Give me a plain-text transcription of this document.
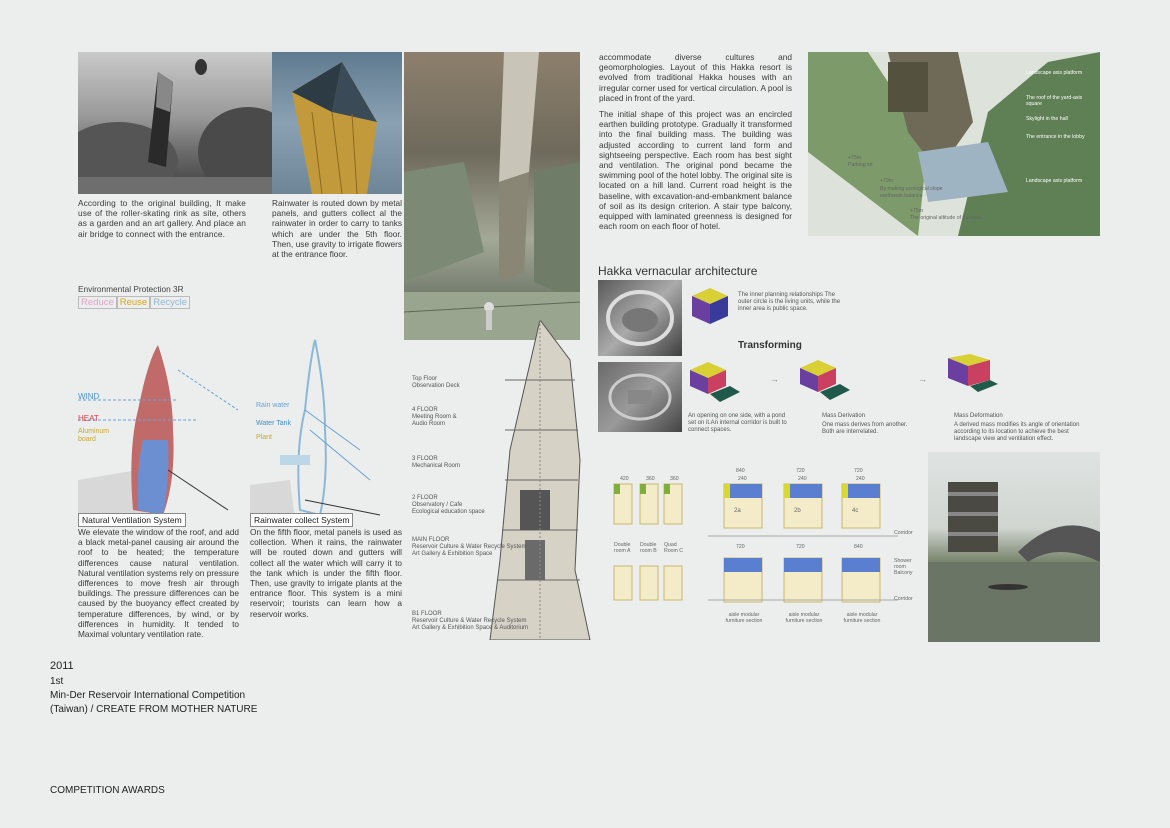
According to the original building, It make use of the roller-skating rink as site, others as a garden and an art gallery. And place an air bridge to connect with the entrance.
Rainwater is routed down by metal panels, and gutters collect al the rainwater in order to carry to tanks which are under the 5th floor. Then, use gravity to irrigate flowers at the entrance floor.
accommodate diverse cultures and geomorphologies. Layout of this Hakka resort is evolved from traditional Hakka houses with an irregular corner used for vertical circulation. A pool is placed in front of the yard.
The initial shape of this project was an encircled earthen building prototype. Gradually it transformed into the final building mass. The building was adjusted according to current land form and sightseeing perspective. Each room has best sight and ventilation. The original pond became the swimming pool of the hotel lobby. The original site is located on a hill land. Current road height is the baseline, with excavation-and-embankment balance of soil as its design criterion. A stair type balcony, equipped with laminated greenness is designed for each room on each floor of hotel.
Landscape axis platform
The roof of the yard-axis square
Skylight in the hall
The entrance in the lobby
Landscape axis platform
+75m
Parking lot
+79m
By making ecological slope
earthwork balance
+75m
The original altitude of the road
Environmental Protection 3R
Reduce Reuse Recycle
WIND
HEAT
Aluminum board
Natural Ventilation System
We elevate the window of the roof, and add a black metal-panel causing air around the roof to be heated; the temperature differences cause natural ventilation. Natural ventilation systems rely on pressure differences to move fresh air through buildings. The pressure differences can be caused by the buoyancy effect created by temperature differences, by wind, or by differences in humidity. It tended to Maximal voluntary ventilation rate.
Rain water
Water Tank
Plant
Rainwater collect System
On the fifth floor, metal panels is used as collection. When it rains, the rainwater will be routed down and gutters will collect all the water which will carry it to the tank which is under the fifth floor. Then, use gravity to irrigate plants at the entrance floor. This system is a mini reservoir; tourists can learn how a reservoir works.
Top Floor
Observation Deck
4 FLOOR
Meeting Room &
Audio Room
3 FLOOR
Mechanical Room
2 FLOOR
Observatory / Cafe
Ecological education space
MAIN FLOOR
Reservoir Culture & Water Recycle System
Art Gallery & Exhibition Space
B1 FLOOR
Reservoir Culture & Water Recycle System
Art Gallery & Exhibition Space & Auditorium
Hakka vernacular architecture
The inner planning relationships The outer circle is the living units, while the inner area is public space.
Transforming
→	→
An opening on one side, with a pond set on it.An internal corridor is built to connect spaces.
Mass Derivation
One mass derives from another. Both are interrelated.
Mass Deformation
A derived mass modifies its angle of orientation according to its location to achieve the best landscape view and ventilation effect.
420	360	360
840	720	720
240	240	240
720	720	840
2a	2b	4c
Double room A
Double room B
Quad Room C
Corridor
Shower room Balcony
Corridor
aisle modular furniture section
aisle modular furniture section
aisle modular furniture section
2011
1st
Min-Der Reservoir International Competition
(Taiwan) / CREATE FROM MOTHER NATURE
COMPETITION AWARDS
